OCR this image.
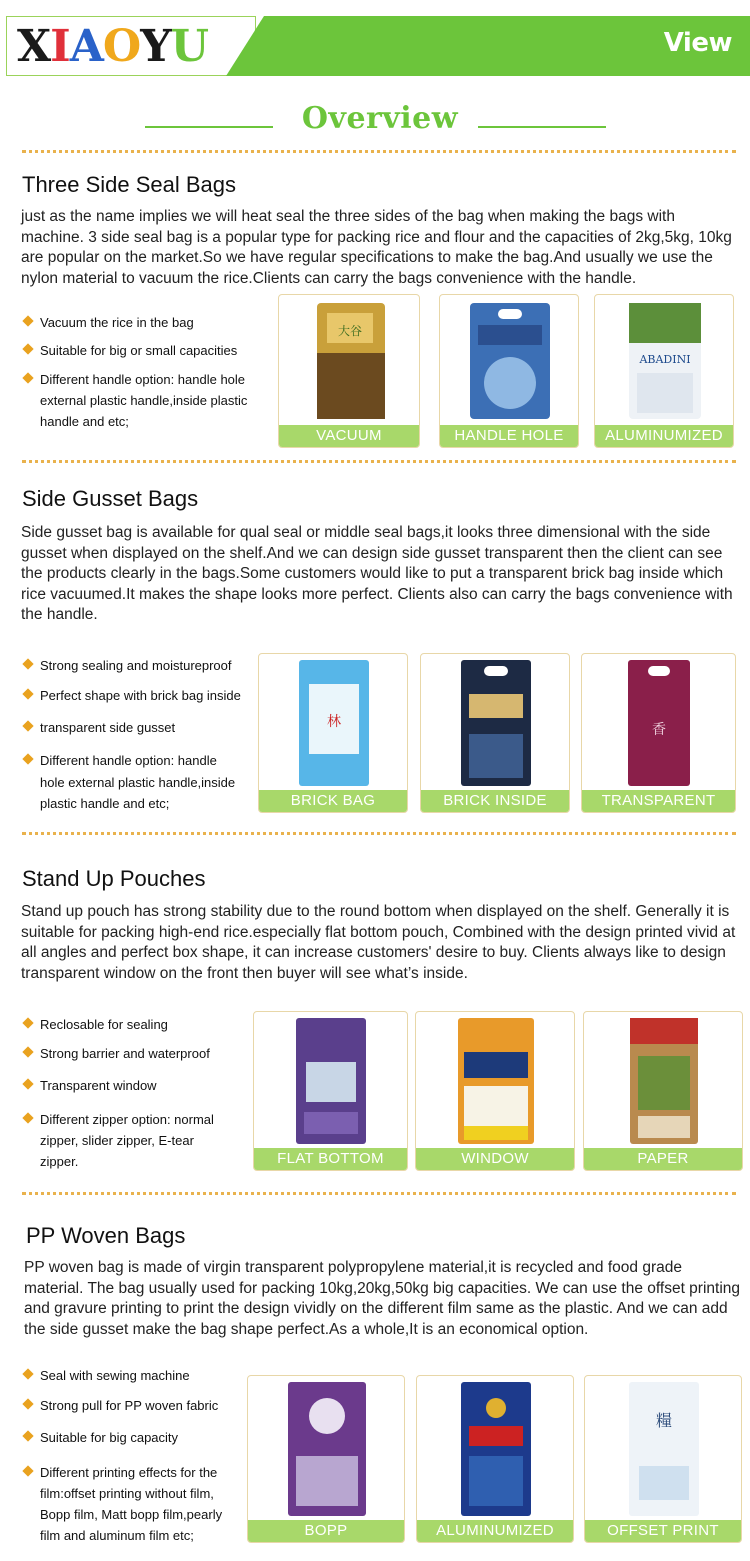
XIAOYU	View
Overview
Three Side Seal Bags
just as the name implies we will heat seal the three sides of the bag when making the bags with machine. 3 side seal bag is a popular type for packing rice and flour and the capacities of 2kg,5kg, 10kg are popular on the market.So we have regular specifications to make the bag.And usually we use the nylon material to vacuum the rice.Clients can carry the bags convenience with the handle.
Vacuum the rice in the bag
Suitable for big or small capacities
Different handle option: handle hole
external plastic handle,inside plastic
handle and etc;
大谷
VACUUM	HANDLE HOLE
ABADINI
ALUMINUMIZED
Side Gusset Bags
Side gusset bag is available for qual seal or middle seal bags,it looks three dimensional with the side gusset when displayed on the shelf.And we can design side gusset transparent then the client can see the products clearly in the bags.Some customers would like to put a transparent brick bag inside which rice vacuumed.It makes the shape looks more perfect. Clients also can carry the bags convenience with the handle.
Strong sealing and moistureproof
Perfect shape with brick bag inside
transparent side gusset
Different handle option: handle
hole external plastic handle,inside
plastic handle and etc;
林
BRICK BAG	BRICK INSIDE
香
TRANSPARENT
Stand Up Pouches
Stand up pouch has strong stability due to the round bottom when displayed on the shelf. Generally it is suitable for packing high-end rice.especially flat bottom pouch, Combined with the design printed vivid at all angles and perfect box shape, it can increase customers' desire to buy. Clients always like to design transparent window on the front then buyer will see what’s inside.
Reclosable for sealing
Strong barrier and waterproof
Transparent window
Different zipper option: normal
zipper, slider zipper, E-tear
zipper.	FLAT BOTTOM	WINDOW	PAPER
PP Woven Bags
PP woven bag is made of virgin transparent polypropylene material,it is recycled and food grade material. The bag usually used for packing 10kg,20kg,50kg big capacities. We can use the offset printing and gravure printing to print the design vividly on the different film same as the plastic. And we can add the side gusset make the bag shape perfect.As a whole,It is an economical option.
Seal with sewing machine
Strong pull for PP woven fabric
Suitable for big capacity
Different printing effects for the
film:offset printing without film,
Bopp film, Matt bopp film,pearly
film and aluminum film etc;	BOPP	ALUMINUMIZED
糧
OFFSET PRINT
